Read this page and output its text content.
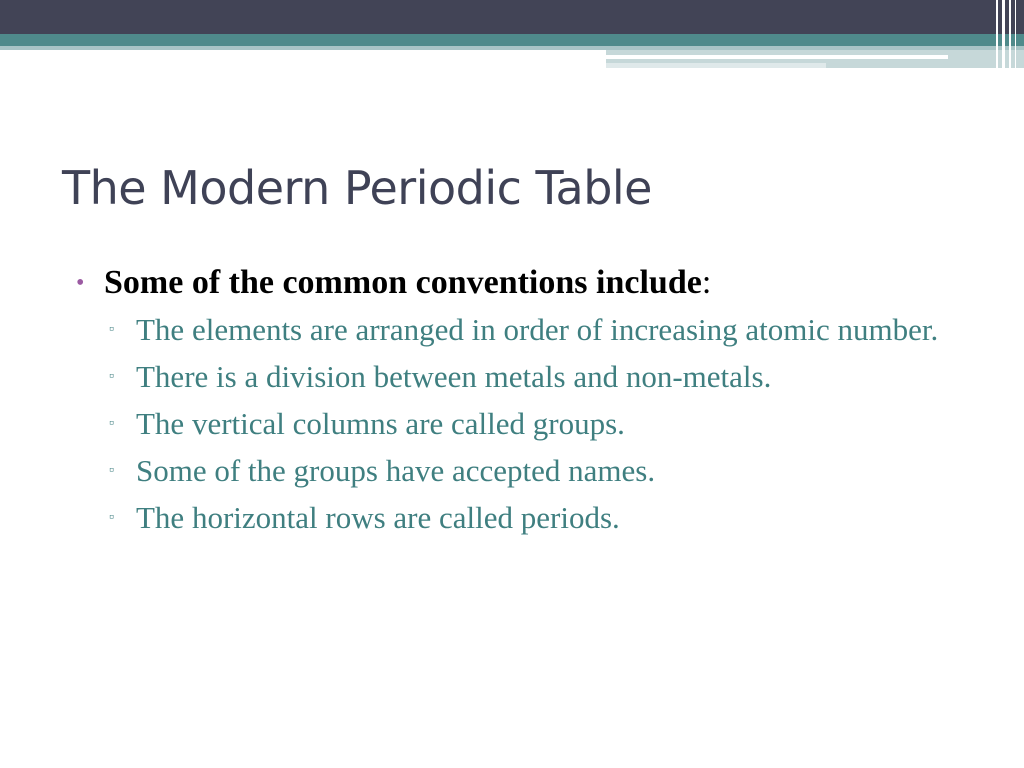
The Modern Periodic Table
• Some of the common conventions include:
▫ The elements are arranged in order of increasing atomic number.
▫ There is a division between metals and non-metals.
▫ The vertical columns are called groups.
▫ Some of the groups have accepted names.
▫ The horizontal rows are called periods.
